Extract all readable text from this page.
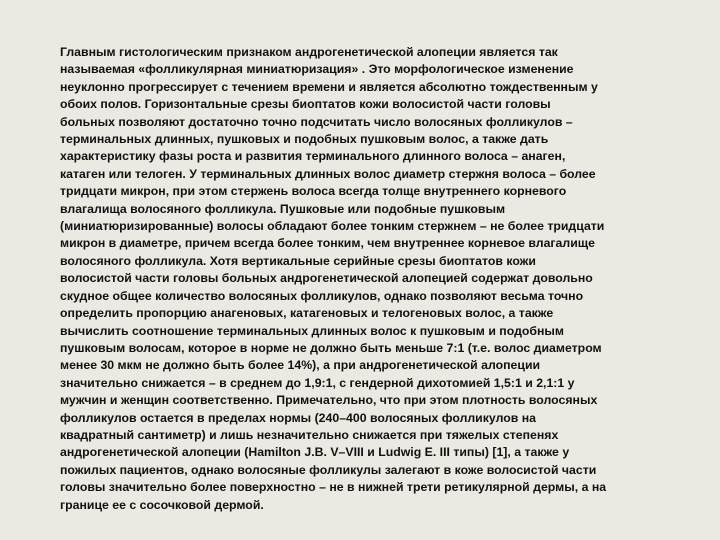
Главным гистологическим признаком андрогенетической алопеции является так
называемая «фолликулярная миниатюризация» . Это морфологическое изменение
неуклонно прогрессирует с течением времени и является абсолютно тождественным у
обоих полов. Горизонтальные срезы биоптатов кожи волосистой части головы
больных позволяют достаточно точно подсчитать число волосяных фолликулов –
терминальных длинных, пушковых и подобных пушковым волос, а также дать
характеристику фазы роста и развития терминального длинного волоса – анаген,
катаген или телоген. У терминальных длинных волос диаметр стержня волоса – более
тридцати микрон, при этом стержень волоса всегда толще внутреннего корневого
влагалища волосяного фолликула. Пушковые или подобные пушковым
(миниатюризированные) волосы обладают более тонким стержнем – не более тридцати
микрон в диаметре, причем всегда более тонким, чем внутреннее корневое влагалище
волосяного фолликула. Хотя вертикальные серийные срезы биоптатов кожи
волосистой части головы больных андрогенетической алопецией содержат довольно
скудное общее количество волосяных фолликулов, однако позволяют весьма точно
определить пропорцию анагеновых, катагеновых и телогеновых волос, а также
вычислить соотношение терминальных длинных волос к пушковым и подобным
пушковым волосам, которое в норме не должно быть меньше 7:1 (т.е. волос диаметром
менее 30 мкм не должно быть более 14%), а при андрогенетической алопеции
значительно снижается – в среднем до 1,9:1, с гендерной дихотомией 1,5:1 и 2,1:1 у
мужчин и женщин соответственно. Примечательно, что при этом плотность волосяных
фолликулов остается в пределах нормы (240–400 волосяных фолликулов на
квадратный сантиметр) и лишь незначительно снижается при тяжелых степенях
андрогенетической алопеции (Hamilton J.B. V–VIII и Ludwig E. III типы) [1], а также у
пожилых пациентов, однако волосяные фолликулы залегают в коже волосистой части
головы значительно более поверхностно – не в нижней трети ретикулярной дермы, а на
границе ее с сосочковой дермой.
